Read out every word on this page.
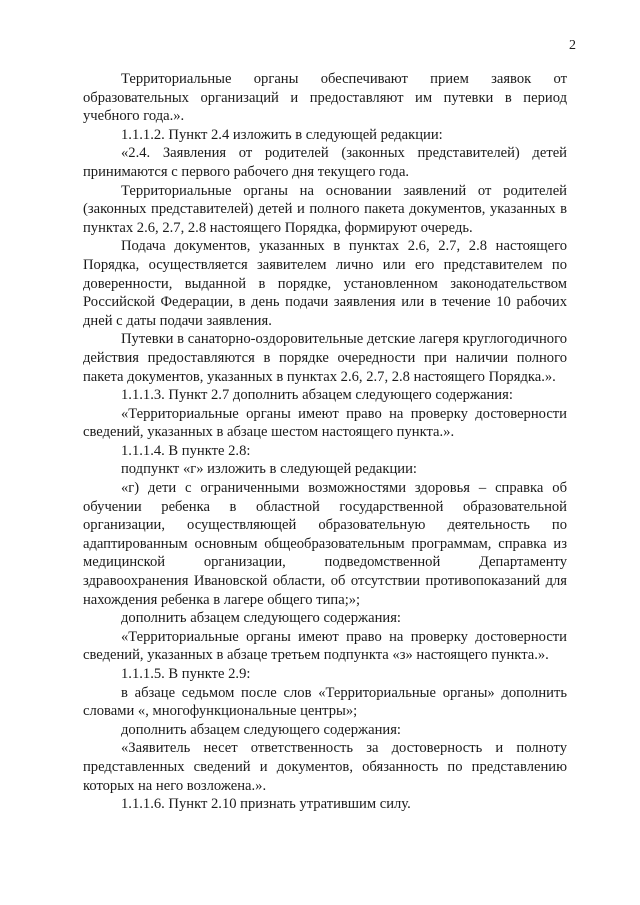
2

Территориальные органы обеспечивают прием заявок от образовательных организаций и предоставляют им путевки в период учебного года.».

1.1.1.2. Пункт 2.4 изложить в следующей редакции:

«2.4. Заявления от родителей (законных представителей) детей принимаются с первого рабочего дня текущего года.

Территориальные органы на основании заявлений от родителей (законных представителей) детей и полного пакета документов, указанных в пунктах 2.6, 2.7, 2.8 настоящего Порядка, формируют очередь.

Подача документов, указанных в пунктах 2.6, 2.7, 2.8 настоящего Порядка, осуществляется заявителем лично или его представителем по доверенности, выданной в порядке, установленном законодательством Российской Федерации, в день подачи заявления или в течение 10 рабочих дней с даты подачи заявления.

Путевки в санаторно-оздоровительные детские лагеря круглогодичного действия предоставляются в порядке очередности при наличии полного пакета документов, указанных в пунктах 2.6, 2.7, 2.8 настоящего Порядка.».

1.1.1.3. Пункт 2.7 дополнить абзацем следующего содержания:

«Территориальные органы имеют право на проверку достоверности сведений, указанных в абзаце шестом настоящего пункта.».

1.1.1.4. В пункте 2.8:

подпункт «г» изложить в следующей редакции:

«г) дети с ограниченными возможностями здоровья – справка об обучении ребенка в областной государственной образовательной организации, осуществляющей образовательную деятельность по адаптированным основным общеобразовательным программам, справка из медицинской организации, подведомственной Департаменту здравоохранения Ивановской области, об отсутствии противопоказаний для нахождения ребенка в лагере общего типа;»;

дополнить абзацем следующего содержания:

«Территориальные органы имеют право на проверку достоверности сведений, указанных в абзаце третьем подпункта «з» настоящего пункта.».

1.1.1.5. В пункте 2.9:

в абзаце седьмом после слов «Территориальные органы» дополнить словами «, многофункциональные центры»;

дополнить абзацем следующего содержания:

«Заявитель несет ответственность за достоверность и полноту представленных сведений и документов, обязанность по представлению которых на него возложена.».

1.1.1.6. Пункт 2.10 признать утратившим силу.
